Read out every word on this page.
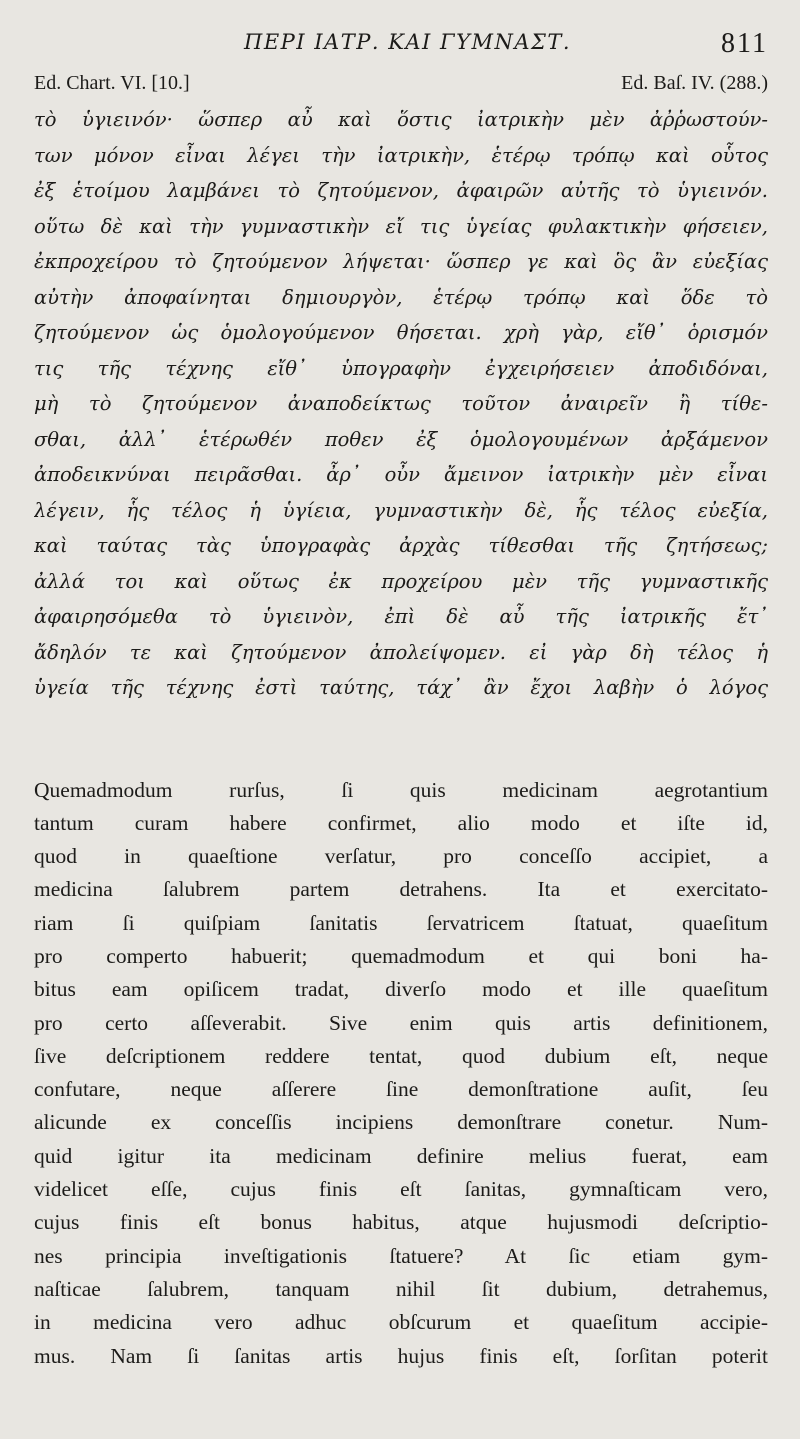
ΠΕΡΙ ΙΑΤΡ. ΚΑΙ ΓΥΜΝΑΣΤ.	811
Ed. Chart. VI. [10.]	Ed. Baſ. IV. (288.)
τὸ ὑγιεινόν· ὥσπερ αὖ καὶ ὅστις ἰατρικὴν μὲν ἀῤῥωστούν-
των μόνον εἶναι λέγει τὴν ἰατρικὴν, ἑτέρῳ τρόπῳ καὶ οὗτος
ἐξ ἑτοίμου λαμβάνει τὸ ζητούμενον, ἀφαιρῶν αὐτῆς τὸ ὑγιεινόν.
οὕτω δὲ καὶ τὴν γυμναστικὴν εἴ τις ὑγείας φυλακτικὴν φήσειεν,
ἐκπροχείρου τὸ ζητούμενον λήψεται· ὥσπερ γε καὶ ὃς ἂν εὐεξίας
αὐτὴν ἀποφαίνηται δημιουργὸν, ἑτέρῳ τρόπῳ καὶ ὅδε τὸ
ζητούμενον ὡς ὁμολογούμενον θήσεται. χρὴ γὰρ, εἴθ᾽ ὁρισμόν
τις τῆς τέχνης εἴθ᾽ ὑπογραφὴν ἐγχειρήσειεν ἀποδιδόναι,
μὴ τὸ ζητούμενον ἀναποδείκτως τοῦτον ἀναιρεῖν ἢ τίθε-
σθαι, ἀλλ᾽ ἑτέρωθέν ποθεν ἐξ ὁμολογουμένων ἀρξάμενον
ἀποδεικνύναι πειρᾶσθαι. ἆρ᾽ οὖν ἄμεινον ἰατρικὴν μὲν εἶναι
λέγειν, ἧς τέλος ἡ ὑγίεια, γυμναστικὴν δὲ, ἧς τέλος εὐεξία,
καὶ ταύτας τὰς ὑπογραφὰς ἀρχὰς τίθεσθαι τῆς ζητήσεως;
ἀλλά τοι καὶ οὕτως ἐκ προχείρου μὲν τῆς γυμναστικῆς
ἀφαιρησόμεθα τὸ ὑγιεινὸν, ἐπὶ δὲ αὖ τῆς ἰατρικῆς ἔτ᾽
ἄδηλόν τε καὶ ζητούμενον ἀπολείψομεν. εἰ γὰρ δὴ τέλος ἡ
ὑγεία τῆς τέχνης ἐστὶ ταύτης, τάχ᾽ ἂν ἔχοι λαβὴν ὁ λόγος
Quemadmodum rurſus, ſi quis medicinam aegrotantium
tantum curam habere confirmet, alio modo et iſte id,
quod in quaeſtione verſatur, pro conceſſo accipiet, a
medicina ſalubrem partem detrahens. Ita et exercitato-
riam ſi quiſpiam ſanitatis ſervatricem ſtatuat, quaeſitum
pro comperto habuerit; quemadmodum et qui boni ha-
bitus eam opiſicem tradat, diverſo modo et ille quaeſitum
pro certo aſſeverabit. Sive enim quis artis definitionem,
ſive deſcriptionem reddere tentat, quod dubium eſt, neque
confutare, neque aſſerere ſine demonſtratione auſit, ſeu
alicunde ex conceſſis incipiens demonſtrare conetur. Num-
quid igitur ita medicinam definire melius fuerat, eam
videlicet eſſe, cujus finis eſt ſanitas, gymnaſticam vero,
cujus finis eſt bonus habitus, atque hujusmodi deſcriptio-
nes principia inveſtigationis ſtatuere? At ſic etiam gym-
naſticae ſalubrem, tanquam nihil ſit dubium, detrahemus,
in medicina vero adhuc obſcurum et quaeſitum accipie-
mus. Nam ſi ſanitas artis hujus finis eſt, ſorſitan poterit
